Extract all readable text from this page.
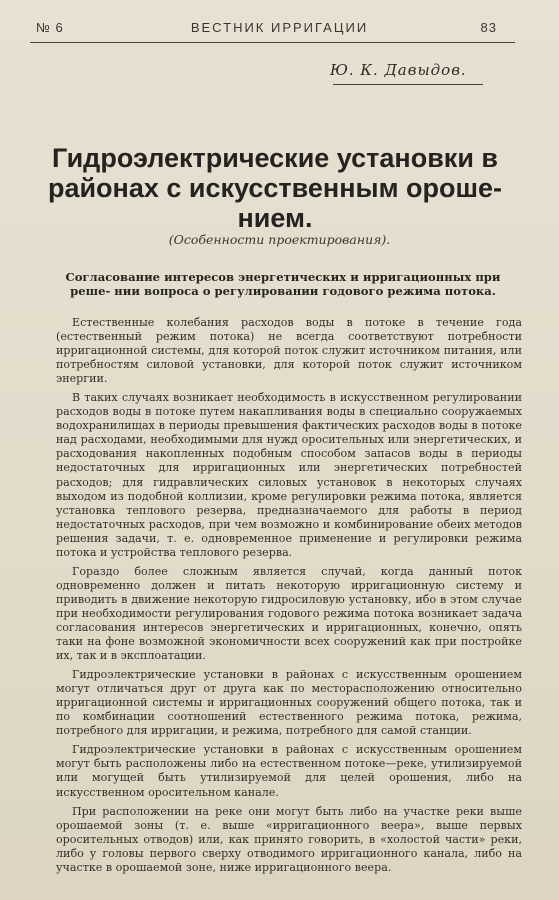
№ 6	ВЕСТНИК ИРРИГАЦИИ	83
Ю. К. Давыдов.
Гидроэлектрические установки в районах с искусственным ороше- нием.
(Особенности проектирования).
Согласование интересов энергетических и ирригационных при реше- нии вопроса о регулировании годового режима потока.

Естественные колебания расходов воды в потоке в течение года (естественный режим потока) не всегда соответствуют потребности ирригационной системы, для которой поток служит источником питания, или потребностям силовой установки, для которой поток служит источником энергии.

В таких случаях возникает необходимость в искусственном регулировании расходов воды в потоке путем накапливания воды в специально сооружаемых водохранилищах в периоды превышения фактических расходов воды в потоке над расходами, необходимыми для нужд оросительных или энергетических, и расходования накопленных подобным способом запасов воды в периоды недостаточных для ирригационных или энергетических потребностей расходов; для гидравлических силовых установок в некоторых случаях выходом из подобной коллизии, кроме регулировки режима потока, является установка теплового резерва, предназначаемого для работы в период недостаточных расходов, при чем возможно и комбинирование обеих методов решения задачи, т. е. одновременное применение и регулировки режима потока и устройства теплового резерва.

Гораздо более сложным является случай, когда данный поток одновременно должен и питать некоторую ирригационную систему и приводить в движение некоторую гидросиловую установку, ибо в этом случае при необходимости регулирования годового режима потока возникает задача согласования интересов энергетических и ирригационных, конечно, опять таки на фоне возможной экономичности всех сооружений как при постройке их, так и в эксплоатации.

Гидроэлектрические установки в районах с искусственным орошением могут отличаться друг от друга как по месторасположению относительно ирригационной системы и ирригационных сооружений общего потока, так и по комбинации соотношений естественного режима потока, режима, потребного для ирригации, и режима, потребного для самой станции.

Гидроэлектрические установки в районах с искусственным орошением могут быть расположены либо на естественном потоке—реке, утилизируемой или могущей быть утилизируемой для целей орошения, либо на искусственном оросительном канале.

При расположении на реке они могут быть либо на участке реки выше орошаемой зоны (т. е. выше «ирригационного веера», выше первых оросительных отводов) или, как принято говорить, в «холостой части» реки, либо у головы первого сверху отводимого ирригационного канала, либо на участке в орошаемой зоне, ниже ирригационного веера.
